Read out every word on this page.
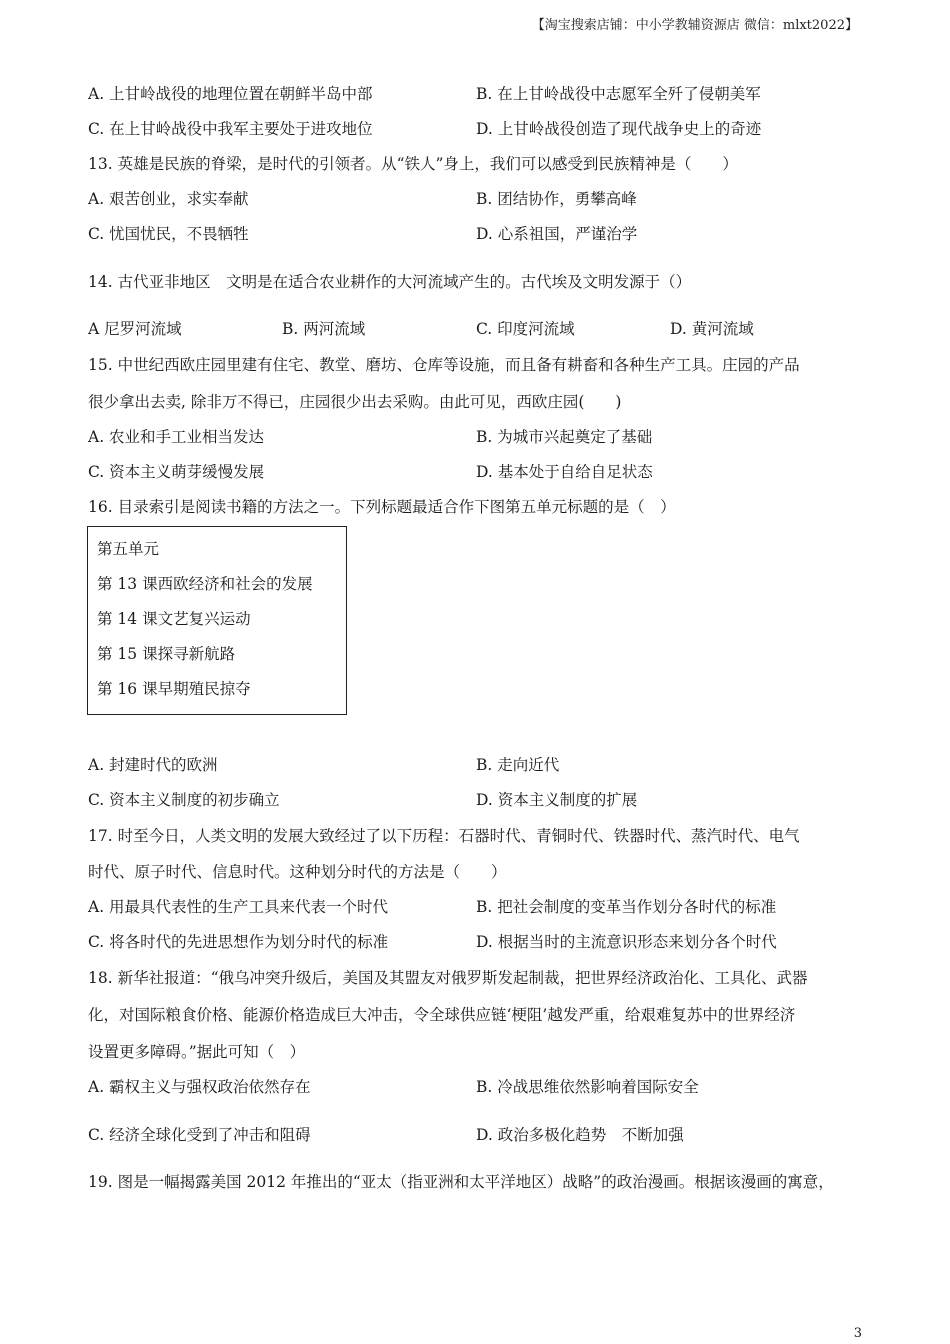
【淘宝搜索店铺：中小学教辅资源店 微信：mlxt2022】
A. 上甘岭战役的地理位置在朝鲜半岛中部	B. 在上甘岭战役中志愿军全歼了侵朝美军
C. 在上甘岭战役中我军主要处于进攻地位	D. 上甘岭战役创造了现代战争史上的奇迹
13. 英雄是民族的脊梁，是时代的引领者。从“铁人”身上，我们可以感受到民族精神是（　　）
A. 艰苦创业，求实奉献	B. 团结协作，勇攀高峰
C. 忧国忧民，不畏牺牲	D. 心系祖国，严谨治学
14. 古代亚非地区　文明是在适合农业耕作的大河流域产生的。古代埃及文明发源于（）
A 尼罗河流域	B. 两河流域	C. 印度河流域	D. 黄河流域
15. 中世纪西欧庄园里建有住宅、教堂、磨坊、仓库等设施，而且备有耕畜和各种生产工具。庄园的产品
很少拿出去卖, 除非万不得已，庄园很少出去采购。由此可见，西欧庄园(　　)
A. 农业和手工业相当发达	B. 为城市兴起奠定了基础
C. 资本主义萌芽缓慢发展	D. 基本处于自给自足状态
16. 目录索引是阅读书籍的方法之一。下列标题最适合作下图第五单元标题的是（　）
第五单元
第 13 课西欧经济和社会的发展
第 14 课文艺复兴运动
第 15 课探寻新航路
第 16 课早期殖民掠夺
A. 封建时代的欧洲	B. 走向近代
C. 资本主义制度的初步确立	D. 资本主义制度的扩展
17. 时至今日，人类文明的发展大致经过了以下历程：石器时代、青铜时代、铁器时代、蒸汽时代、电气
时代、原子时代、信息时代。这种划分时代的方法是（　　）
A. 用最具代表性的生产工具来代表一个时代	B. 把社会制度的变革当作划分各时代的标准
C. 将各时代的先进思想作为划分时代的标准	D. 根据当时的主流意识形态来划分各个时代
18. 新华社报道：“俄乌冲突升级后，美国及其盟友对俄罗斯发起制裁，把世界经济政治化、工具化、武器
化，对国际粮食价格、能源价格造成巨大冲击，令全球供应链‘梗阻’越发严重，给艰难复苏中的世界经济
设置更多障碍。”据此可知（　）
A. 霸权主义与强权政治依然存在	B. 冷战思维依然影响着国际安全
C. 经济全球化受到了冲击和阻碍	D. 政治多极化趋势　不断加强
19. 图是一幅揭露美国 2012 年推出的“亚太（指亚洲和太平洋地区）战略”的政治漫画。根据该漫画的寓意，
3
